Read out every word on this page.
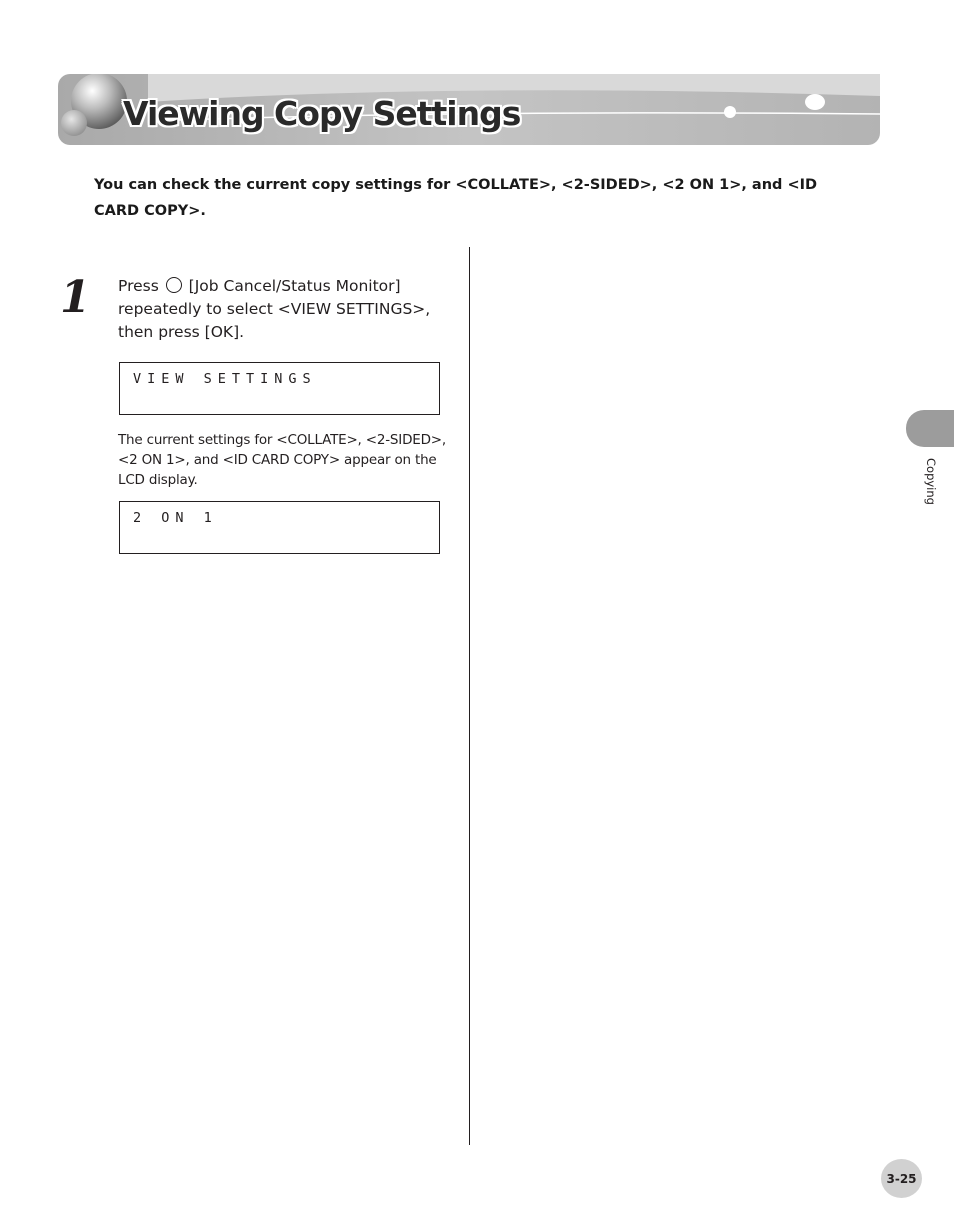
Viewing Copy Settings

You can check the current copy settings for <COLLATE>, <2-SIDED>, <2 ON 1>, and <ID CARD COPY>.

1 Press [Job Cancel/Status Monitor] repeatedly to select <VIEW SETTINGS>, then press [OK].

VIEW SETTINGS

The current settings for <COLLATE>, <2-SIDED>, <2 ON 1>, and <ID CARD COPY> appear on the LCD display.

2 ON 1
Copying
3-25
